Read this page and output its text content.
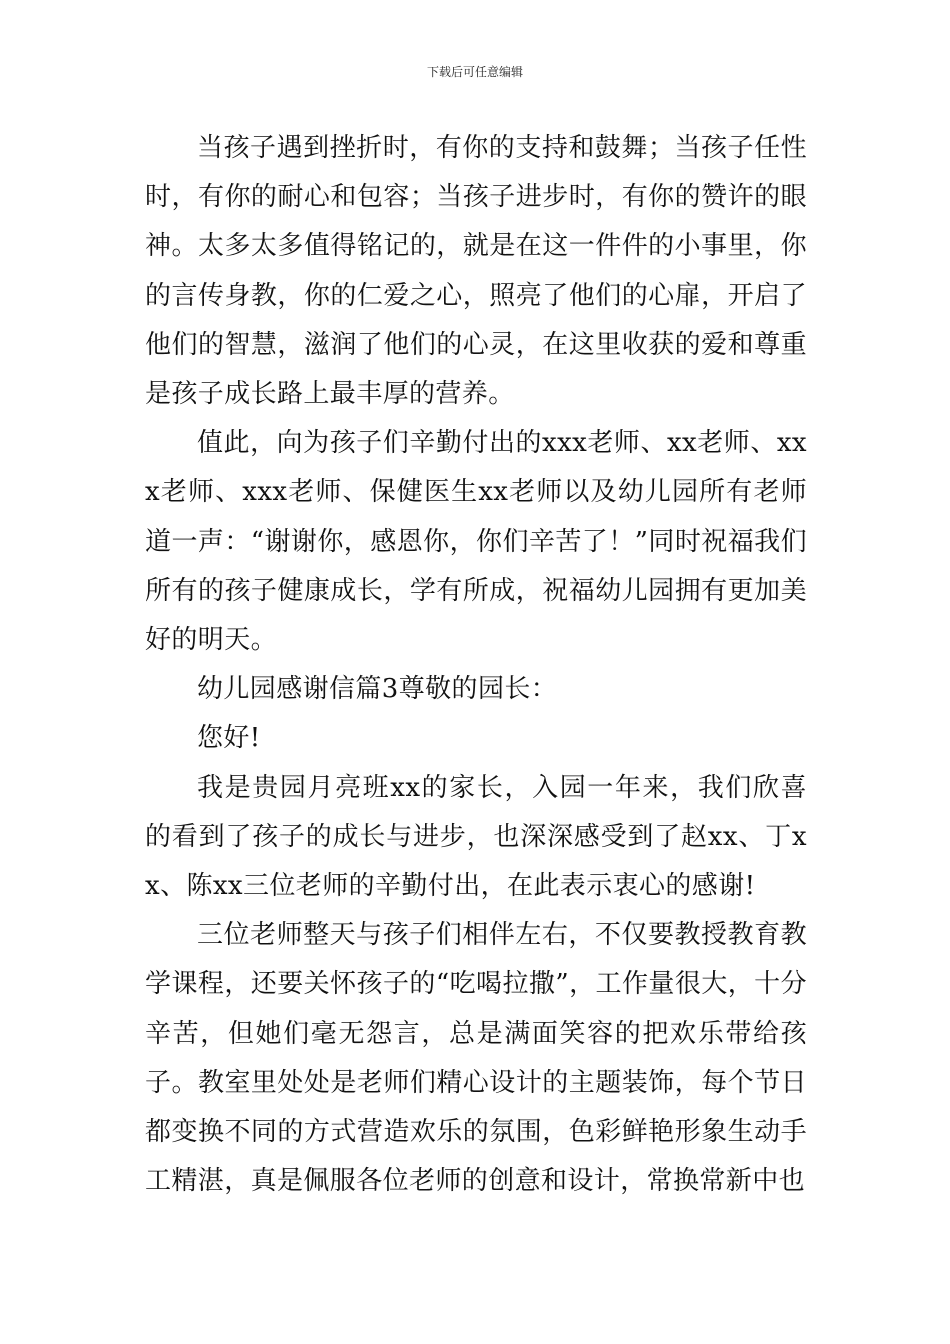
下载后可任意编辑

当孩子遇到挫折时，有你的支持和鼓舞；当孩子任性时，有你的耐心和包容；当孩子进步时，有你的赞许的眼神。太多太多值得铭记的，就是在这一件件的小事里，你的言传身教，你的仁爱之心，照亮了他们的心扉，开启了他们的智慧，滋润了他们的心灵，在这里收获的爱和尊重是孩子成长路上最丰厚的营养。

值此，向为孩子们辛勤付出的xxx老师、xx老师、xxx老师、xxx老师、保健医生xx老师以及幼儿园所有老师道一声：“谢谢你，感恩你，你们辛苦了！”同时祝福我们所有的孩子健康成长，学有所成，祝福幼儿园拥有更加美好的明天。

幼儿园感谢信篇3尊敬的园长：

您好!

我是贵园月亮班xx的家长，入园一年来，我们欣喜的看到了孩子的成长与进步，也深深感受到了赵xx、丁xx、陈xx三位老师的辛勤付出，在此表示衷心的感谢!

三位老师整天与孩子们相伴左右，不仅要教授教育教学课程，还要关怀孩子的“吃喝拉撒”，工作量很大，十分辛苦，但她们毫无怨言，总是满面笑容的把欢乐带给孩子。教室里处处是老师们精心设计的主题装饰，每个节日都变换不同的方式营造欢乐的氛围，色彩鲜艳形象生动手工精湛，真是佩服各位老师的创意和设计，常换常新中也
